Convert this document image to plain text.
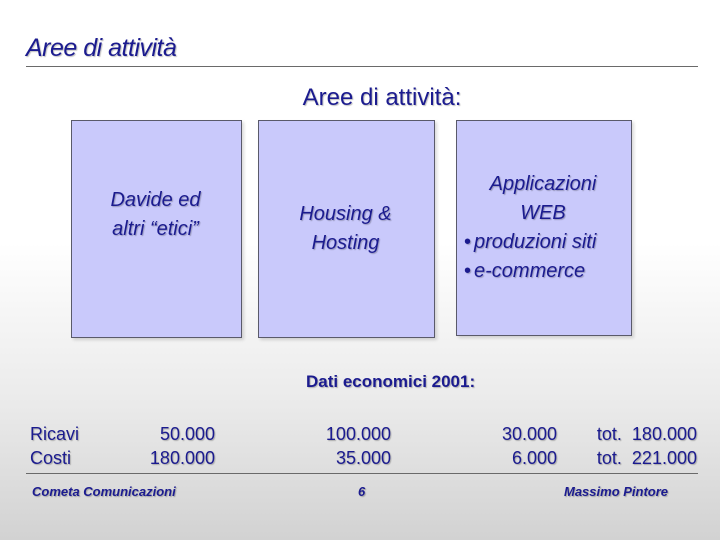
Aree di attività
Aree di attività:
Davide ed
altri “etici”
Housing &
Hosting
Applicazioni
WEB
• produzioni siti
• e-commerce
Dati economici 2001:
Ricavi
Costi
50.000
180.000
100.000
35.000
30.000
6.000
tot.  180.000
tot.  221.000
Cometa Comunicazioni	6	Massimo Pintore
